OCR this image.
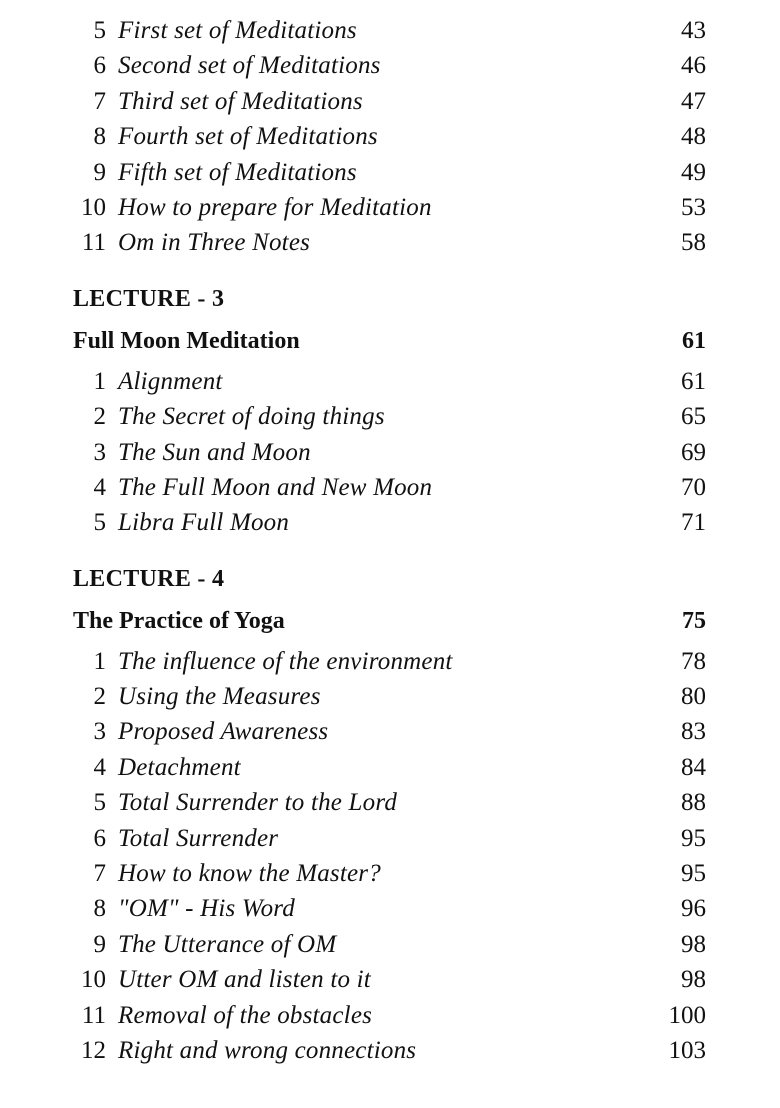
5 First set of Meditations	43
6 Second set of Meditations	46
7 Third set of Meditations	47
8 Fourth set of Meditations	48
9 Fifth set of Meditations	49
10 How to prepare for Meditation	53
11 Om in Three Notes	58
LECTURE - 3
Full Moon Meditation	61
1 Alignment	61
2 The Secret of doing things	65
3 The Sun and Moon	69
4 The Full Moon and New Moon	70
5 Libra Full Moon	71
LECTURE - 4
The Practice of Yoga	75
1 The influence of the environment	78
2 Using the Measures	80
3 Proposed Awareness	83
4 Detachment	84
5 Total Surrender to the Lord	88
6 Total Surrender	95
7 How to know the Master?	95
8 "OM" - His Word	96
9 The Utterance of OM	98
10 Utter OM and listen to it	98
11 Removal of the obstacles	100
12 Right and wrong connections	103
